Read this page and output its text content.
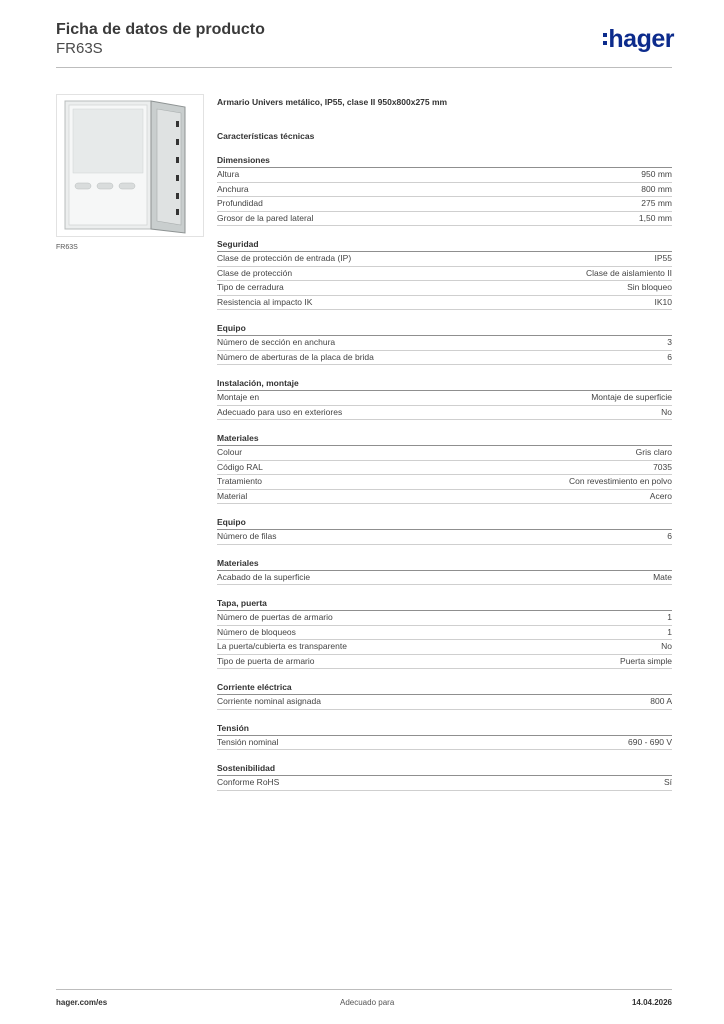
Ficha de datos de producto
FR63S	hager
FR63S
Armario Univers metálico, IP55, clase II 950x800x275 mm
Características técnicas
Dimensiones
Altura	950 mm
Anchura	800 mm
Profundidad	275 mm
Grosor de la pared lateral	1,50 mm
Seguridad
Clase de protección de entrada (IP)	IP55
Clase de protección	Clase de aislamiento II
Tipo de cerradura	Sin bloqueo
Resistencia al impacto IK	IK10
Equipo
Número de sección en anchura	3
Número de aberturas de la placa de brida	6
Instalación, montaje
Montaje en	Montaje de superficie
Adecuado para uso en exteriores	No
Materiales
Colour	Gris claro
Código RAL	7035
Tratamiento	Con revestimiento en polvo
Material	Acero
Equipo
Número de filas	6
Materiales
Acabado de la superficie	Mate
Tapa, puerta
Número de puertas de armario	1
Número de bloqueos	1
La puerta/cubierta es transparente	No
Tipo de puerta de armario	Puerta simple
Corriente eléctrica
Corriente nominal asignada	800 A
Tensión
Tensión nominal	690 - 690 V
Sostenibilidad
Conforme RoHS	Sí
hager.com/es	Adecuado para	14.04.2026
